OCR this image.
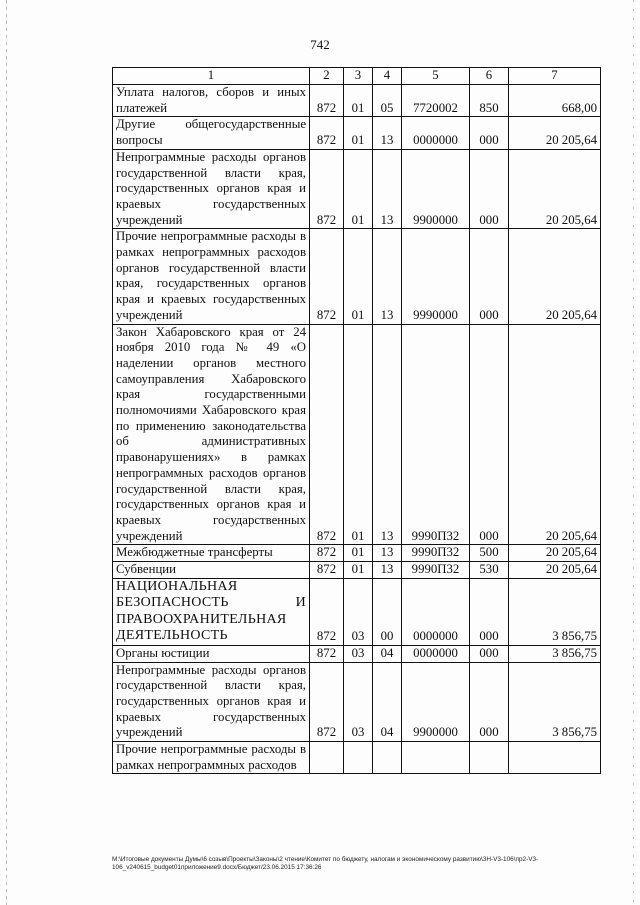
742
1	2	3	4	5	6	7
Уплата налогов, сборов и иных платежей	872	01	05	7720002	850	668,00
Другие общегосударственные вопросы	872	01	13	0000000	000	20 205,64
Непрограммные расходы органов государственной власти края, государственных органов края и краевых государственных учреждений	872	01	13	9900000	000	20 205,64
Прочие непрограммные расходы в рамках непрограммных расходов органов государственной власти края, государственных органов края и краевых государственных учреждений	872	01	13	9990000	000	20 205,64
Закон Хабаровского края от 24 ноября 2010 года № 49 «О наделении органов местного самоуправления Хабаровского края государственными полномочиями Хабаровского края по применению законодательства об административных правонарушениях» в рамках непрограммных расходов органов государственной власти края, государственных органов края и краевых государственных учреждений	872	01	13	9990П32	000	20 205,64
Межбюджетные трансферты	872	01	13	9990П32	500	20 205,64
Субвенции	872	01	13	9990П32	530	20 205,64
НАЦИОНАЛЬНАЯ БЕЗОПАСНОСТЬ И ПРАВООХРАНИТЕЛЬНАЯ ДЕЯТЕЛЬНОСТЬ	872	03	00	0000000	000	3 856,75
Органы юстиции	872	03	04	0000000	000	3 856,75
Непрограммные расходы органов государственной власти края, государственных органов края и краевых государственных учреждений	872	03	04	9900000	000	3 856,75
Прочие непрограммные расходы в рамках непрограммных расходов						
M:\Итоговые документы Думы\6 созыв\Проекты\Законы\2 чтение\Комитет по бюджету, налогам и экономическому развитию\3Н-V3-106\пр2-V3-
106_v240615_budget01приложение9.docx/Бюджет/23.06.2015 17:36:26
